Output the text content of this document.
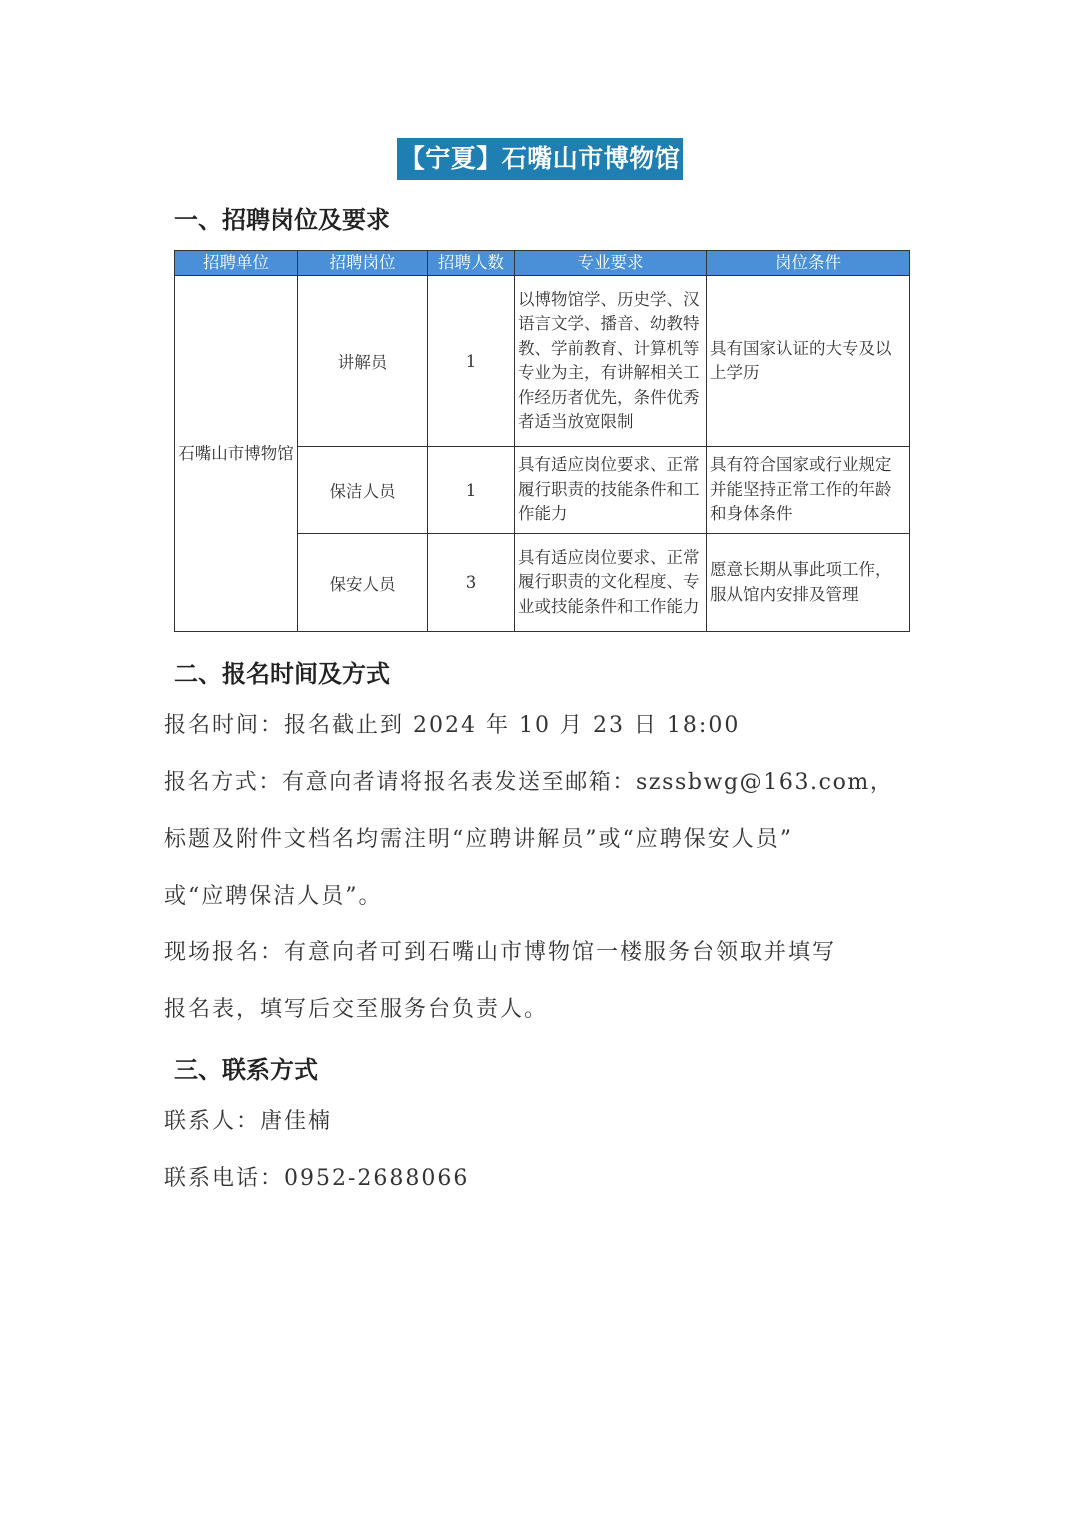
【宁夏】石嘴山市博物馆
一、招聘岗位及要求
招聘单位	招聘岗位	招聘人数	专业要求	岗位条件
石嘴山市博物馆	讲解员	1	以博物馆学、历史学、汉语言文学、播音、幼教特教、学前教育、计算机等专业为主，有讲解相关工作经历者优先，条件优秀者适当放宽限制	具有国家认证的大专及以上学历
	保洁人员	1	具有适应岗位要求、正常履行职责的技能条件和工作能力	具有符合国家或行业规定并能坚持正常工作的年龄和身体条件
	保安人员	3	具有适应岗位要求、正常履行职责的文化程度、专业或技能条件和工作能力	愿意长期从事此项工作，服从馆内安排及管理
二、报名时间及方式

报名时间：报名截止到 2024 年 10 月 23 日 18:00

报名方式：有意向者请将报名表发送至邮箱：szssbwg@163.com，

标题及附件文档名均需注明“应聘讲解员”或“应聘保安人员”

或“应聘保洁人员”。

现场报名：有意向者可到石嘴山市博物馆一楼服务台领取并填写

报名表，填写后交至服务台负责人。

三、联系方式

联系人：唐佳楠

联系电话：0952-2688066
